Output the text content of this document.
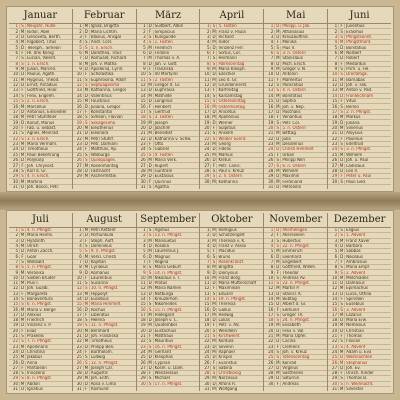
Januar
1 S Neujahr, Hülle
2 M Isidor, Abel
3 D Genovefa, Berth.
4 M Rigobert, Titus
5 D Telesph., Simeon
6 F Hl. drei König
7 S Lucian, Valent.
8 S 1. n. Ersch.
9 M Julian, Marcell.
10 D Paulus, Agath.
11 M Hyginus, Theod.
12 D Ernst, Arcadius
13 F Gottfried, Hilar.
14 S Felix, Engelm.
15 S 2. n. Ersch.
16 M Marcellus
17 D Antonius, Einsiedler
18 M Petri Stuhlfeier
19 D Kanut, Marius
20 F Fab. u. Sebast.
21 S Agnes, Meinrad
22 S 3. n. Ersch.
23 M Mariä Vermähl.
24 D Timotheus
25 M Pauli Bekehrung
26 D Polykarp
27 F Joh. Chrysost.
28 S Karl d. Gr.
29 S 4. n. Ersch.
30 M Martina
31 D Joh. Bosco, Petr.
Februar
1 M Ignaz, Brigitta
2 D Mariä Lichtm.
3 F Blasius, Ansgar
4 S Andr. Cors.
5 S 5. n. Ersch.
6 M Dorothea, Titus
7 D Romuald, Richard
8 M Joh. v. Matha
9 D Apollonia, Cyrill.
10 F Scholastika
11 S Euphrosina, Adolf
12 S Septuagesima
13 M Katharina, Gregor
14 D Valentinus
15 M Faustinus
16 D Juliana, Gregor
17 F Konstantia
18 S Simeon, Flavian
19 S Sexagesima
20 M Eleutherius
21 D Eleonora
22 M Petri Stuhlf.
23 D Petr. Damiani
24 F Matthias, Ap.
25 S Walburga
26 S Quinquages.
27 M Rosenmontag
28 D Fastnacht
29 M Aschermittw.
März
1 D Suitbert, Albin
2 F Simplicius
3 S Kunigunde
4 S 1. Fasten
5 M Friedrich
6 D Fridolin
7 M Thomas v. A.
8 D Joh. v. Gott
9 F Franziska
10 S 40 Märtyrer
11 S 2. Fasten
12 M Gregor d. Gr.
13 D Euphrasia
14 M Mathilde
15 D Longinus
16 F Heribert
17 S Gertrud
18 S 3. Fasten
19 M Joseph
20 D Joachim
21 M Benedikt
22 D Katharina v. Schw.
23 F Otto
24 S Gabriel
25 S 4. Fasten
26 M Mariä Verk.
27 D Rupert
28 M Guntram
29 D Eustasius
30 F Quirinus
31 S Agatha
April
1 S 5. Fasten
2 M Franz v. Paula
3 D Richard
4 M Isidor
5 D Vinzenz Ferr.
6 F Sixtus, Cöl.
7 S Hermann
8 S Palmsonntag
9 M Maria Kleoph.
10 D Ezechiel
11 M Leo d. Gr.
12 D Gründonnerst.
13 F Karfreitag
14 S Karsamstag
15 S Ostersonntag
16 M Ostermontag
17 D Anicetus
18 M Apollonius
19 D Werner
20 F Sulpitius
21 S Anselm
22 S Weißer Sonnt.
23 M Georg
24 D Fidelis
25 M Markus
26 D Kletus
27 F Petr. Canis.
28 S Paul v. Kreuz
29 S 2. n. Ostern
30 M Katharina
Mai
1 D Philipp. u. Jak.
2 M Athanasius
3 D Kreuzauffind.
4 F Monika
5 S Pius V.
6 S 3. n. Ostern
7 M Stanislaus
8 D Mich. Ersch.
9 M Gregor v. N.
10 D Antonin
11 F Mamertus
12 S Pankratius
13 S 4. n. Ostern
14 M Bonifatius
15 D Sophia
16 M Joh. v. Nep.
17 D Paschalis
18 F Venantius
19 S Petr. Cöl.
20 S 5. n. Ostern
21 M Bitttag
22 D Julia
23 M Desiderius
24 D Christi Himmelf.
25 F Urban
26 S Philipp Neri
27 S 6. n. Ostern
28 M Wilhelm
29 D Maximin
30 M Ferdinand
31 D Petronilla
Juni
1 F Juventius
2 S Erasmus
3 S Pfingstsonnt.
4 M Pfingstmont.
5 D Bonifatius
6 M Norbert
7 D Robert
8 F Medardus
9 S Prim. u. Fel.
10 S Dreifaltigk.
11 M Barnabas
12 D Joh. v. Fak.
13 M Anton v. Pad.
14 D Fronleichnam
15 F Vitus
16 S Benno
17 S 2. n. Pfingst.
18 M Markus
19 D Juliana
20 M Silverius
21 D Aloysius
22 F Paulinus
23 S Edeltrud
24 S 3. n. Pfingst.
25 M Wilhelm
26 D Joh. u. Paul
27 M Ladislaus
28 D Leo II.
29 F Peter u. Paul
30 S Pauli Ged.
Juli
1 S 4. n. Pfingst.
2 M Mariä Heims.
3 D Hyazinth
4 M Ulrich
5 D Anton Zacch.
6 F Goar
7 S Willibald
8 S 5. n. Pfingst.
9 M Veronika
10 D Sieben Brüder
11 M Pius I.
12 D Joh. Gualb.
13 F Margareta
14 S Bonaventura
15 S 6. n. Pfingst.
16 M Maria v. Berge
17 D Alexius
18 M Friedrich
19 D Vinzenz v. P.
20 F Elias
21 S Praxedis
22 S 7. n. Pfingst.
23 M Apollinaris
24 D Christina
25 M Jakobus
26 D Anna
27 F Pantaleon
28 S Innozenz
29 S 8. n. Pfingst.
30 M Abdon
31 D Ignatius
August
1 M Petri Kettenf.
2 D Portiunkula
3 F Steph. Auff.
4 S Dominikus
5 S 9. n. Pfingst.
6 M Verkl. Christi
7 D Kajetan
8 M Cyriakus
9 D Romanus
10 F Laurentius
11 S Susanna
12 S 10. n. Pfingst.
13 M Hippolyt
14 D Eusebius
15 M Mariä Himmelf.
16 D Rochus
17 F Liberatus
18 S Helena
19 S 11. n. Pfingst.
20 M Bernhard
21 D Joh. Franziska
22 M Timotheus
23 D Philipp Ben.
24 F Bartholom.
25 S Ludwig
26 S 12. n. Pfingst.
27 M Joseph Cal.
28 D Augustin
29 M Joh. Enth.
30 D Rosa v. Lima
31 F Raimund
September
1 S Ägidius
2 S 13. n. Pfingst.
3 M Mansuetus
4 D Rosalia
5 M Laurentius J.
6 D Magnus
7 F Regina
8 S Mariä Geburt
9 S 14. n. Pfingst.
10 M Nikolaus v. T.
11 D Protus
12 M Mariä Namen
13 D Notburga
14 F Kreuzerhöh.
15 S Nikomedes
16 S 15. n. Pfingst.
17 M Hildegard
18 D Joseph v. C.
19 M Quatember
20 D Eustachius
21 F Matthäus
22 S Mauritius
23 S 16. n. Pfingst.
24 M Gerhard
25 D Kleophas
26 M Cyprian
27 D Kosm. u. Dam.
28 F Wenzeslaus
29 S Michael
30 S 17. n. Pfingst.
Oktober
1 M Remigius
2 D Schutzengelf.
3 M Theresia v. K.
4 D Franz v. Assisi
5 F Placidus
6 S Bruno
7 S Rosenkranzf.
8 M Brigitta
9 D Dionysius
10 M Franz Borg.
11 D Mariä Mutterschaft
12 F Maximilian
13 S Eduard
14 S 19. n. Pfingst.
15 M Theresia
16 D Gallus
17 M Hedwig
18 D Lukas
19 F Petr. v. Alc.
20 S Wendelin
21 S Kirchweihf.
22 M Kordula
23 D Severin
24 M Raphael
25 D Krispin
26 F Evaristus
27 S Sabina
28 S Christkönig
29 M Narzissus
30 D Alfons R.
31 M Wolfgang
November
1 D Allerheiligen
2 F Allerseelen
3 S Hubertus
4 S 22. n. Pfingst.
5 M Emmerich
6 D Leonhard
7 M Engelbert
8 D Gottfried, Willeh.
9 F Theodor
10 S Andreas Av.
11 S 23. n. Pfingst.
12 M Martin P.
13 D Stanisl. K.
14 M Bußtag
15 D Albert d. Gr.
16 F Edmund
17 S Gregor Th.
18 S 24. n. Pfingst.
19 M Elisabeth
20 D Felix v. Val.
21 M Mariä Opfer.
22 D Cäcilia
23 F Clemens
24 S Joh. v. Kreuz
25 S Totensonntag
26 M Konrad
27 D Virgilius
28 M Sosthenes
29 D Saturnin
30 F Andreas
Dezember
1 S Eligius
2 S 1. Advent
3 M Franz Xaver
4 D Barbara
5 M Sabbas
6 D Nikolaus
7 F Ambrosius
8 S Mariä Empf.
9 S 2. Advent
10 M Melchiades
11 D Damasus
12 M Epimachus
13 D Lucia, Ottilia
14 F Spiridion
15 S Eusebius
16 S 3. Advent
17 M Lazarus
18 D Mariä Erw.
19 M Nemesius
20 D Christian
21 F Thomas
22 S Flavian
23 S 4. Advent
24 M Adam u. Eva
25 D Weihnachten
26 M Stephanus
27 D Joh. Ev.
28 F Unsch. Kinder
29 S Thomas B.
30 S n. Weihnacht.
31 M Silvester
